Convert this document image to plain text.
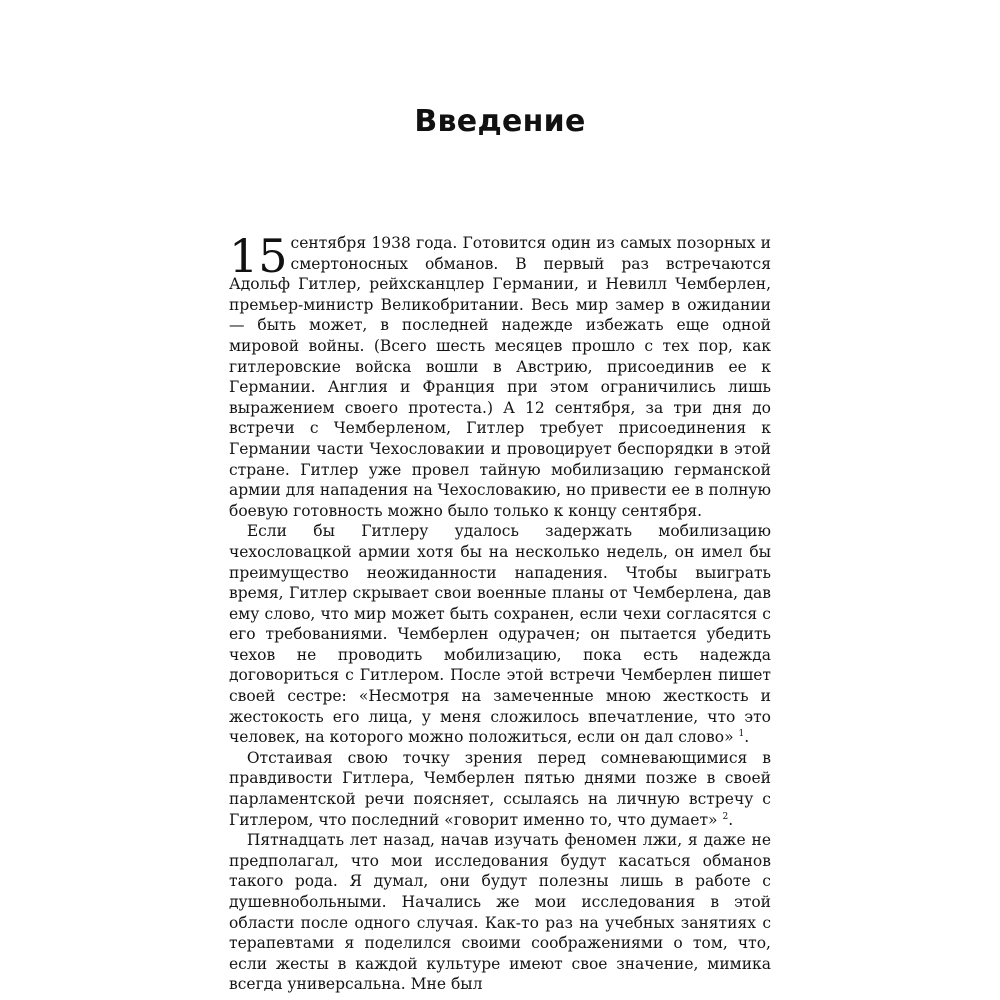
Введение

15 сентября 1938 года. Готовится один из самых позорных и смертоносных обманов. В первый раз встречаются Адольф Гитлер, рейхсканцлер Германии, и Невилл Чемберлен, премьер-министр Великобритании. Весь мир замер в ожидании — быть может, в последней надежде избежать еще одной мировой войны. (Всего шесть месяцев прошло с тех пор, как гитлеровские войска вошли в Австрию, присоединив ее к Германии. Англия и Франция при этом ограничились лишь выражением своего протеста.) А 12 сентября, за три дня до встречи с Чемберленом, Гитлер требует присоединения к Германии части Чехословакии и провоцирует беспорядки в этой стране. Гитлер уже провел тайную мобилизацию германской армии для нападения на Чехословакию, но привести ее в полную боевую готовность можно было только к концу сентября.

Если бы Гитлеру удалось задержать мобилизацию чехословацкой армии хотя бы на несколько недель, он имел бы преимущество неожиданности нападения. Чтобы выиграть время, Гитлер скрывает свои военные планы от Чемберлена, дав ему слово, что мир может быть сохранен, если чехи согласятся с его требованиями. Чемберлен одурачен; он пытается убедить чехов не проводить мобилизацию, пока есть надежда договориться с Гитлером. После этой встречи Чемберлен пишет своей сестре: «Несмотря на замеченные мною жесткость и жестокость его лица, у меня сложилось впечатление, что это человек, на которого можно положиться, если он дал слово» $^1$.

Отстаивая свою точку зрения перед сомневающимися в правдивости Гитлера, Чемберлен пятью днями позже в своей парламентской речи поясняет, ссылаясь на личную встречу с Гитлером, что последний «говорит именно то, что думает» $^2$.

Пятнадцать лет назад, начав изучать феномен лжи, я даже не предполагал, что мои исследования будут касаться обманов такого рода. Я думал, они будут полезны лишь в работе с душевнобольными. Начались же мои исследования в этой области после одного случая. Как-то раз на учебных занятиях с терапевтами я поделился своими соображениями о том, что, если жесты в каждой культуре имеют свое значение, мимика всегда универсальна. Мне был
